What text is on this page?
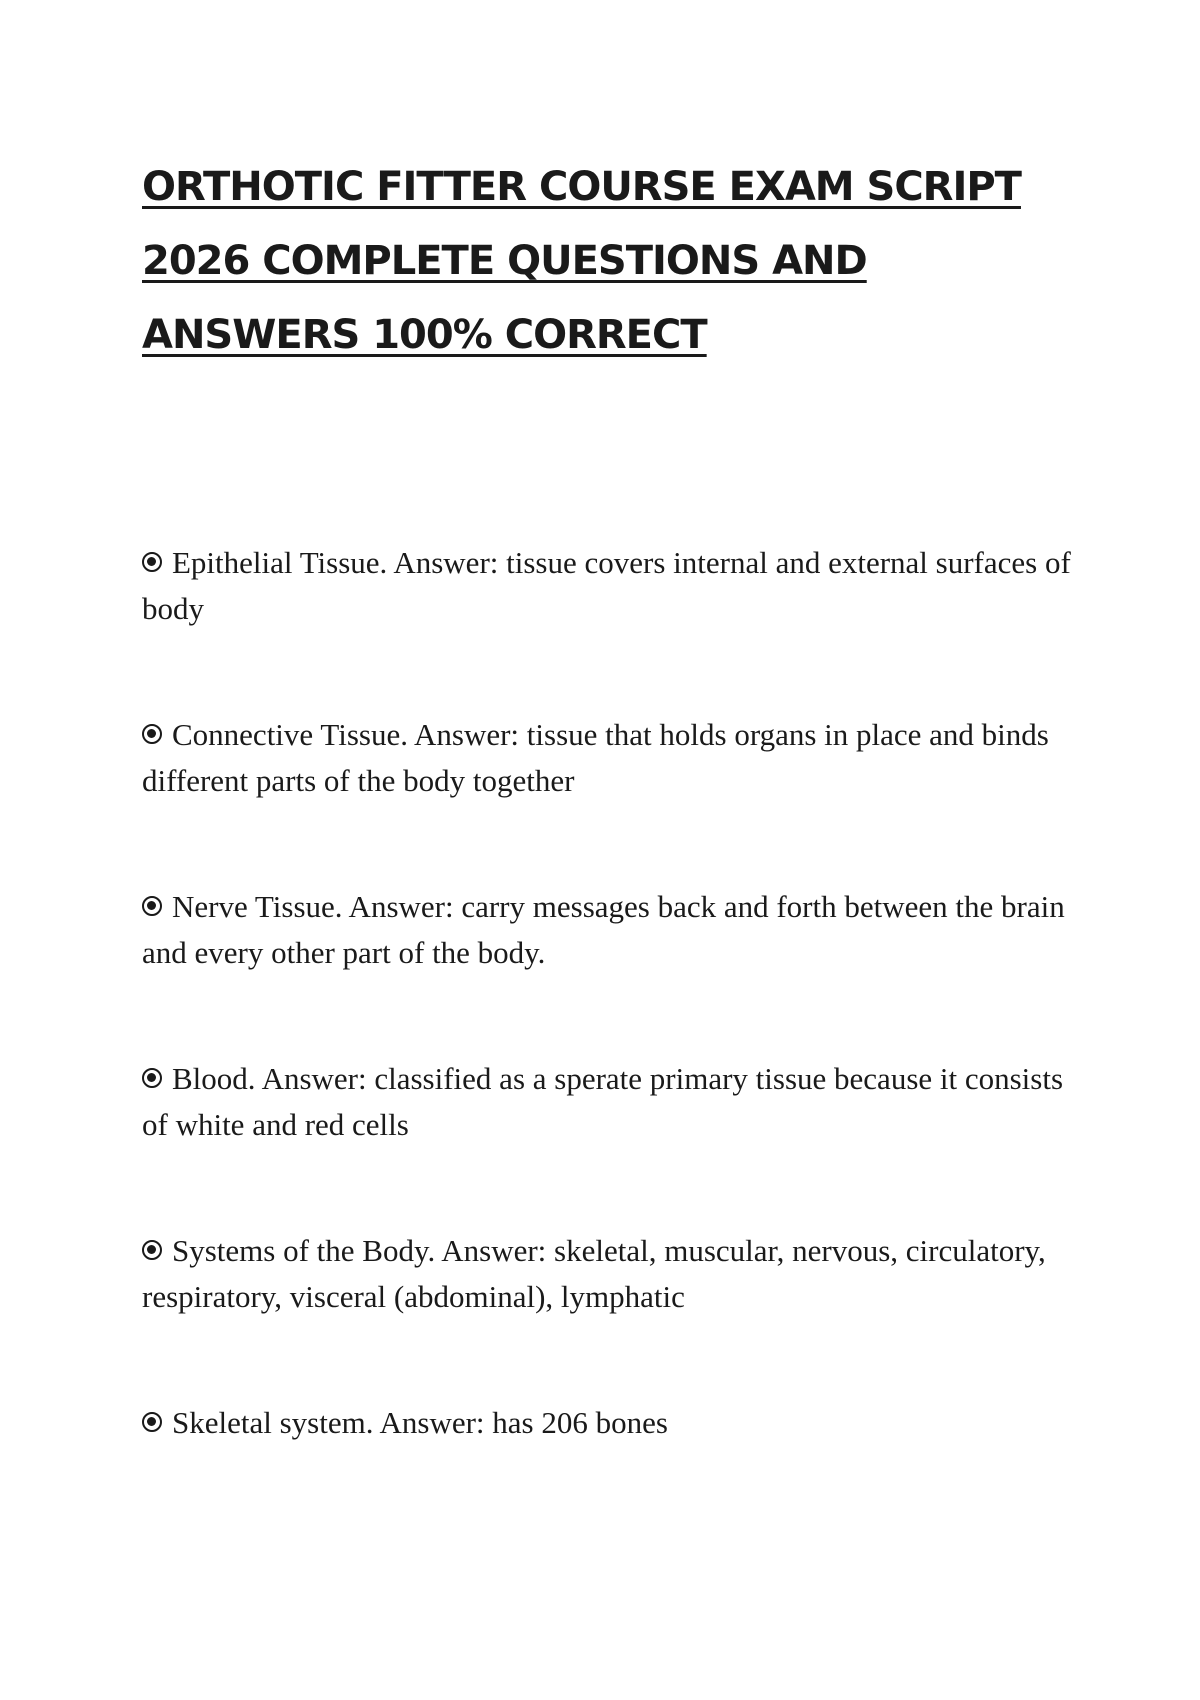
ORTHOTIC FITTER COURSE EXAM SCRIPT 2026 COMPLETE QUESTIONS AND ANSWERS 100% CORRECT
Epithelial Tissue. Answer: tissue covers internal and external surfaces of body
Connective Tissue. Answer: tissue that holds organs in place and binds different parts of the body together
Nerve Tissue. Answer: carry messages back and forth between the brain and every other part of the body.
Blood. Answer: classified as a sperate primary tissue because it consists of white and red cells
Systems of the Body. Answer: skeletal, muscular, nervous, circulatory, respiratory, visceral (abdominal), lymphatic
Skeletal system. Answer: has 206 bones
